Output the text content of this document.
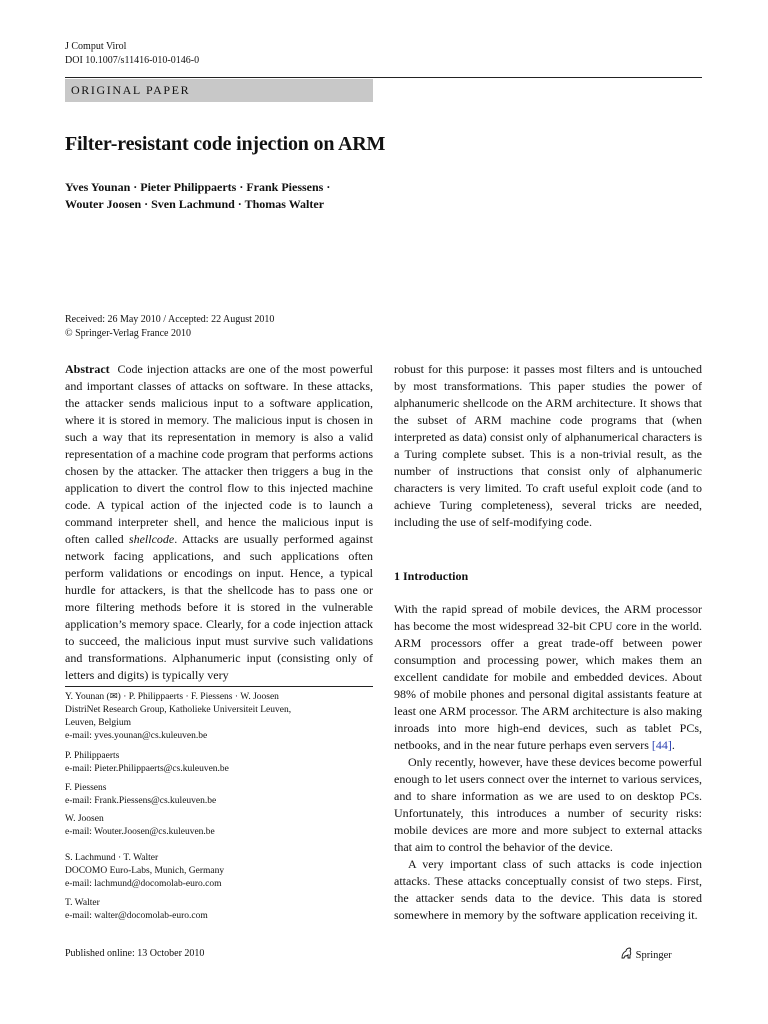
J Comput Virol
DOI 10.1007/s11416-010-0146-0
ORIGINAL PAPER
Filter-resistant code injection on ARM
Yves Younan · Pieter Philippaerts · Frank Piessens ·
Wouter Joosen · Sven Lachmund · Thomas Walter
Received: 26 May 2010 / Accepted: 22 August 2010
© Springer-Verlag France 2010
Abstract Code injection attacks are one of the most powerful and important classes of attacks on software. In these attacks, the attacker sends malicious input to a software application, where it is stored in memory. The malicious input is chosen in such a way that its representation in memory is also a valid representation of a machine code program that performs actions chosen by the attacker. The attacker then triggers a bug in the application to divert the control flow to this injected machine code. A typical action of the injected code is to launch a command interpreter shell, and hence the malicious input is often called shellcode. Attacks are usually performed against network facing applications, and such applications often perform validations or encodings on input. Hence, a typical hurdle for attackers, is that the shellcode has to pass one or more filtering methods before it is stored in the vulnerable application’s memory space. Clearly, for a code injection attack to succeed, the malicious input must survive such validations and transformations. Alphanumeric input (consisting only of letters and digits) is typically very
Y. Younan (✉) · P. Philippaerts · F. Piessens · W. Joosen
DistriNet Research Group, Katholieke Universiteit Leuven,
Leuven, Belgium
e-mail: yves.younan@cs.kuleuven.be
P. Philippaerts
e-mail: Pieter.Philippaerts@cs.kuleuven.be
F. Piessens
e-mail: Frank.Piessens@cs.kuleuven.be
W. Joosen
e-mail: Wouter.Joosen@cs.kuleuven.be
S. Lachmund · T. Walter
DOCOMO Euro-Labs, Munich, Germany
e-mail: lachmund@docomolab-euro.com
T. Walter
e-mail: walter@docomolab-euro.com
robust for this purpose: it passes most filters and is untouched by most transformations. This paper studies the power of alphanumeric shellcode on the ARM architecture. It shows that the subset of ARM machine code programs that (when interpreted as data) consist only of alphanumerical characters is a Turing complete subset. This is a non-trivial result, as the number of instructions that consist only of alphanumeric characters is very limited. To craft useful exploit code (and to achieve Turing completeness), several tricks are needed, including the use of self-modifying code.
1 Introduction
With the rapid spread of mobile devices, the ARM processor has become the most widespread 32-bit CPU core in the world. ARM processors offer a great trade-off between power consumption and processing power, which makes them an excellent candidate for mobile and embedded devices. About 98% of mobile phones and personal digital assistants feature at least one ARM processor. The ARM architecture is also making inroads into more high-end devices, such as tablet PCs, netbooks, and in the near future perhaps even servers [44].
Only recently, however, have these devices become powerful enough to let users connect over the internet to various services, and to share information as we are used to on desktop PCs. Unfortunately, this introduces a number of security risks: mobile devices are more and more subject to external attacks that aim to control the behavior of the device.
A very important class of such attacks is code injection attacks. These attacks conceptually consist of two steps. First, the attacker sends data to the device. This data is stored somewhere in memory by the software application receiving it.
Published online: 13 October 2010	Springer
